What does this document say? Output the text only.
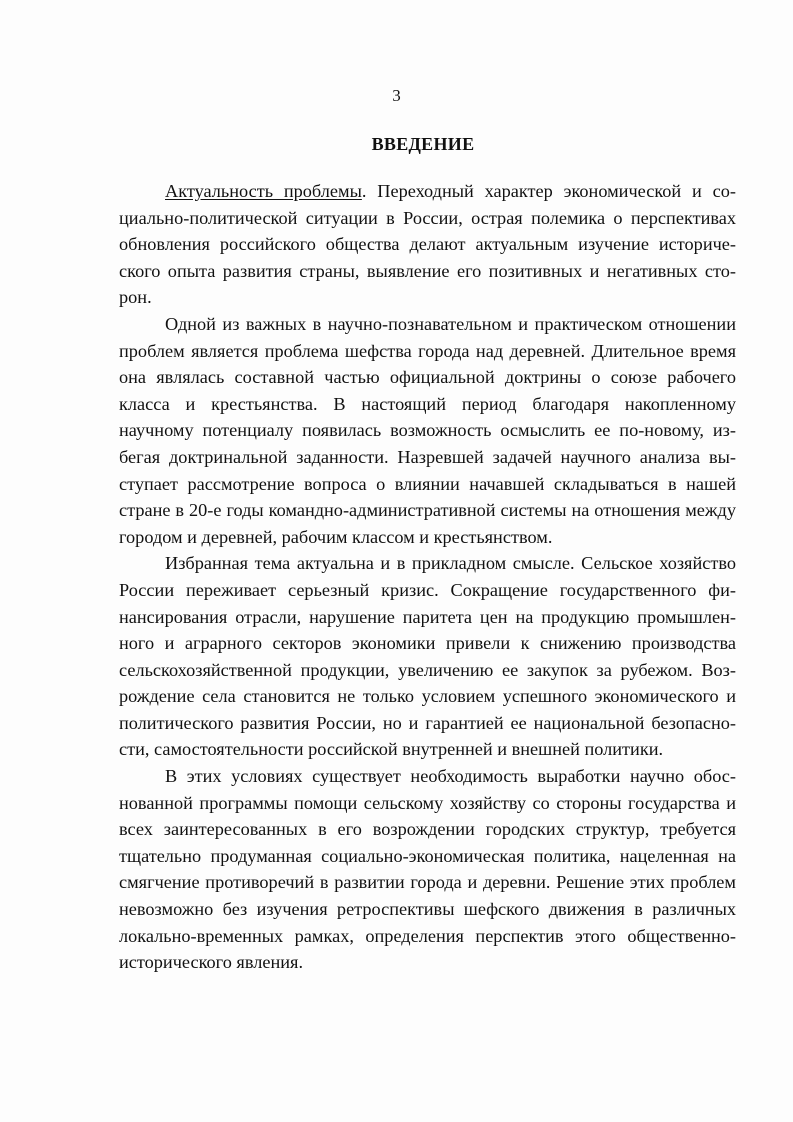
3
ВВЕДЕНИЕ

Актуальность проблемы. Переходный характер экономической и социально-политической ситуации в России, острая полемика о перспективах обновления российского общества делают актуальным изучение исторического опыта развития страны, выявление его позитивных и негативных сторон.

Одной из важных в научно-познавательном и практическом отношении проблем является проблема шефства города над деревней. Длительное время она являлась составной частью официальной доктрины о союзе рабочего класса и крестьянства. В настоящий период благодаря накопленному научному потенциалу появилась возможность осмыслить ее по-новому, избегая доктринальной заданности. Назревшей задачей научного анализа выступает рассмотрение вопроса о влиянии начавшей складываться в нашей стране в 20-е годы командно-административной системы на отношения между городом и деревней, рабочим классом и крестьянством.

Избранная тема актуальна и в прикладном смысле. Сельское хозяйство России переживает серьезный кризис. Сокращение государственного финансирования отрасли, нарушение паритета цен на продукцию промышленного и аграрного секторов экономики привели к снижению производства сельскохозяйственной продукции, увеличению ее закупок за рубежом. Возрождение села становится не только условием успешного экономического и политического развития России, но и гарантией ее национальной безопасности, самостоятельности российской внутренней и внешней политики.

В этих условиях существует необходимость выработки научно обоснованной программы помощи сельскому хозяйству со стороны государства и всех заинтересованных в его возрождении городских структур, требуется тщательно продуманная социально-экономическая политика, нацеленная на смягчение противоречий в развитии города и деревни. Решение этих проблем невозможно без изучения ретроспективы шефского движения в различных локально-временных рамках, определения перспектив этого общественно-исторического явления.
